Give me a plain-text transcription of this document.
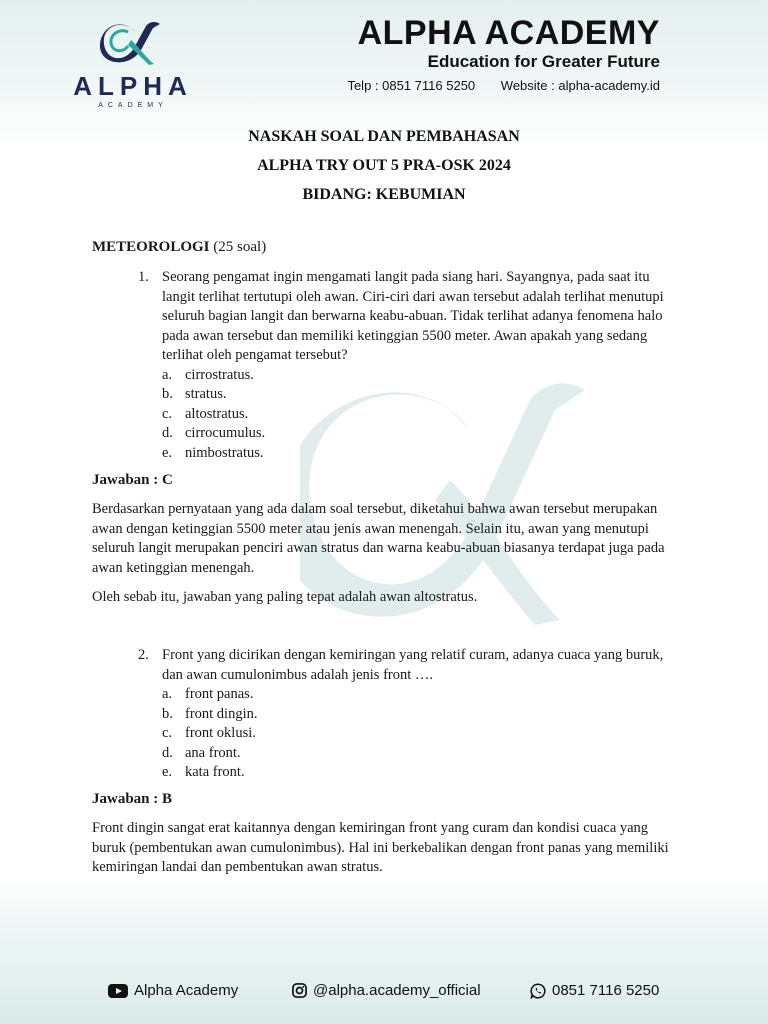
ALPHA
ACADEMY
ALPHA ACADEMY
Education for Greater Future
Telp : 0851 7116 5250 Website : alpha-academy.id
NASKAH SOAL DAN PEMBAHASAN
ALPHA TRY OUT 5 PRA-OSK 2024
BIDANG: KEBUMIAN
METEOROLOGI (25 soal)
1. Seorang pengamat ingin mengamati langit pada siang hari. Sayangnya, pada saat itu langit terlihat tertutupi oleh awan. Ciri-ciri dari awan tersebut adalah terlihat menutupi seluruh bagian langit dan berwarna keabu-abuan. Tidak terlihat adanya fenomena halo pada awan tersebut dan memiliki ketinggian 5500 meter. Awan apakah yang sedang terlihat oleh pengamat tersebut?
a. cirrostratus.
b. stratus.
c. altostratus.
d. cirrocumulus.
e. nimbostratus.
Jawaban : C
Berdasarkan pernyataan yang ada dalam soal tersebut, diketahui bahwa awan tersebut merupakan awan dengan ketinggian 5500 meter atau jenis awan menengah. Selain itu, awan yang menutupi seluruh langit merupakan penciri awan stratus dan warna keabu-abuan biasanya terdapat juga pada awan ketinggian menengah.
Oleh sebab itu, jawaban yang paling tepat adalah awan altostratus.
2. Front yang dicirikan dengan kemiringan yang relatif curam, adanya cuaca yang buruk, dan awan cumulonimbus adalah jenis front ….
a. front panas.
b. front dingin.
c. front oklusi.
d. ana front.
e. kata front.
Jawaban : B
Front dingin sangat erat kaitannya dengan kemiringan front yang curam dan kondisi cuaca yang buruk (pembentukan awan cumulonimbus). Hal ini berkebalikan dengan front panas yang memiliki kemiringan landai dan pembentukan awan stratus.
Alpha Academy	@alpha.academy_official	0851 7116 5250
